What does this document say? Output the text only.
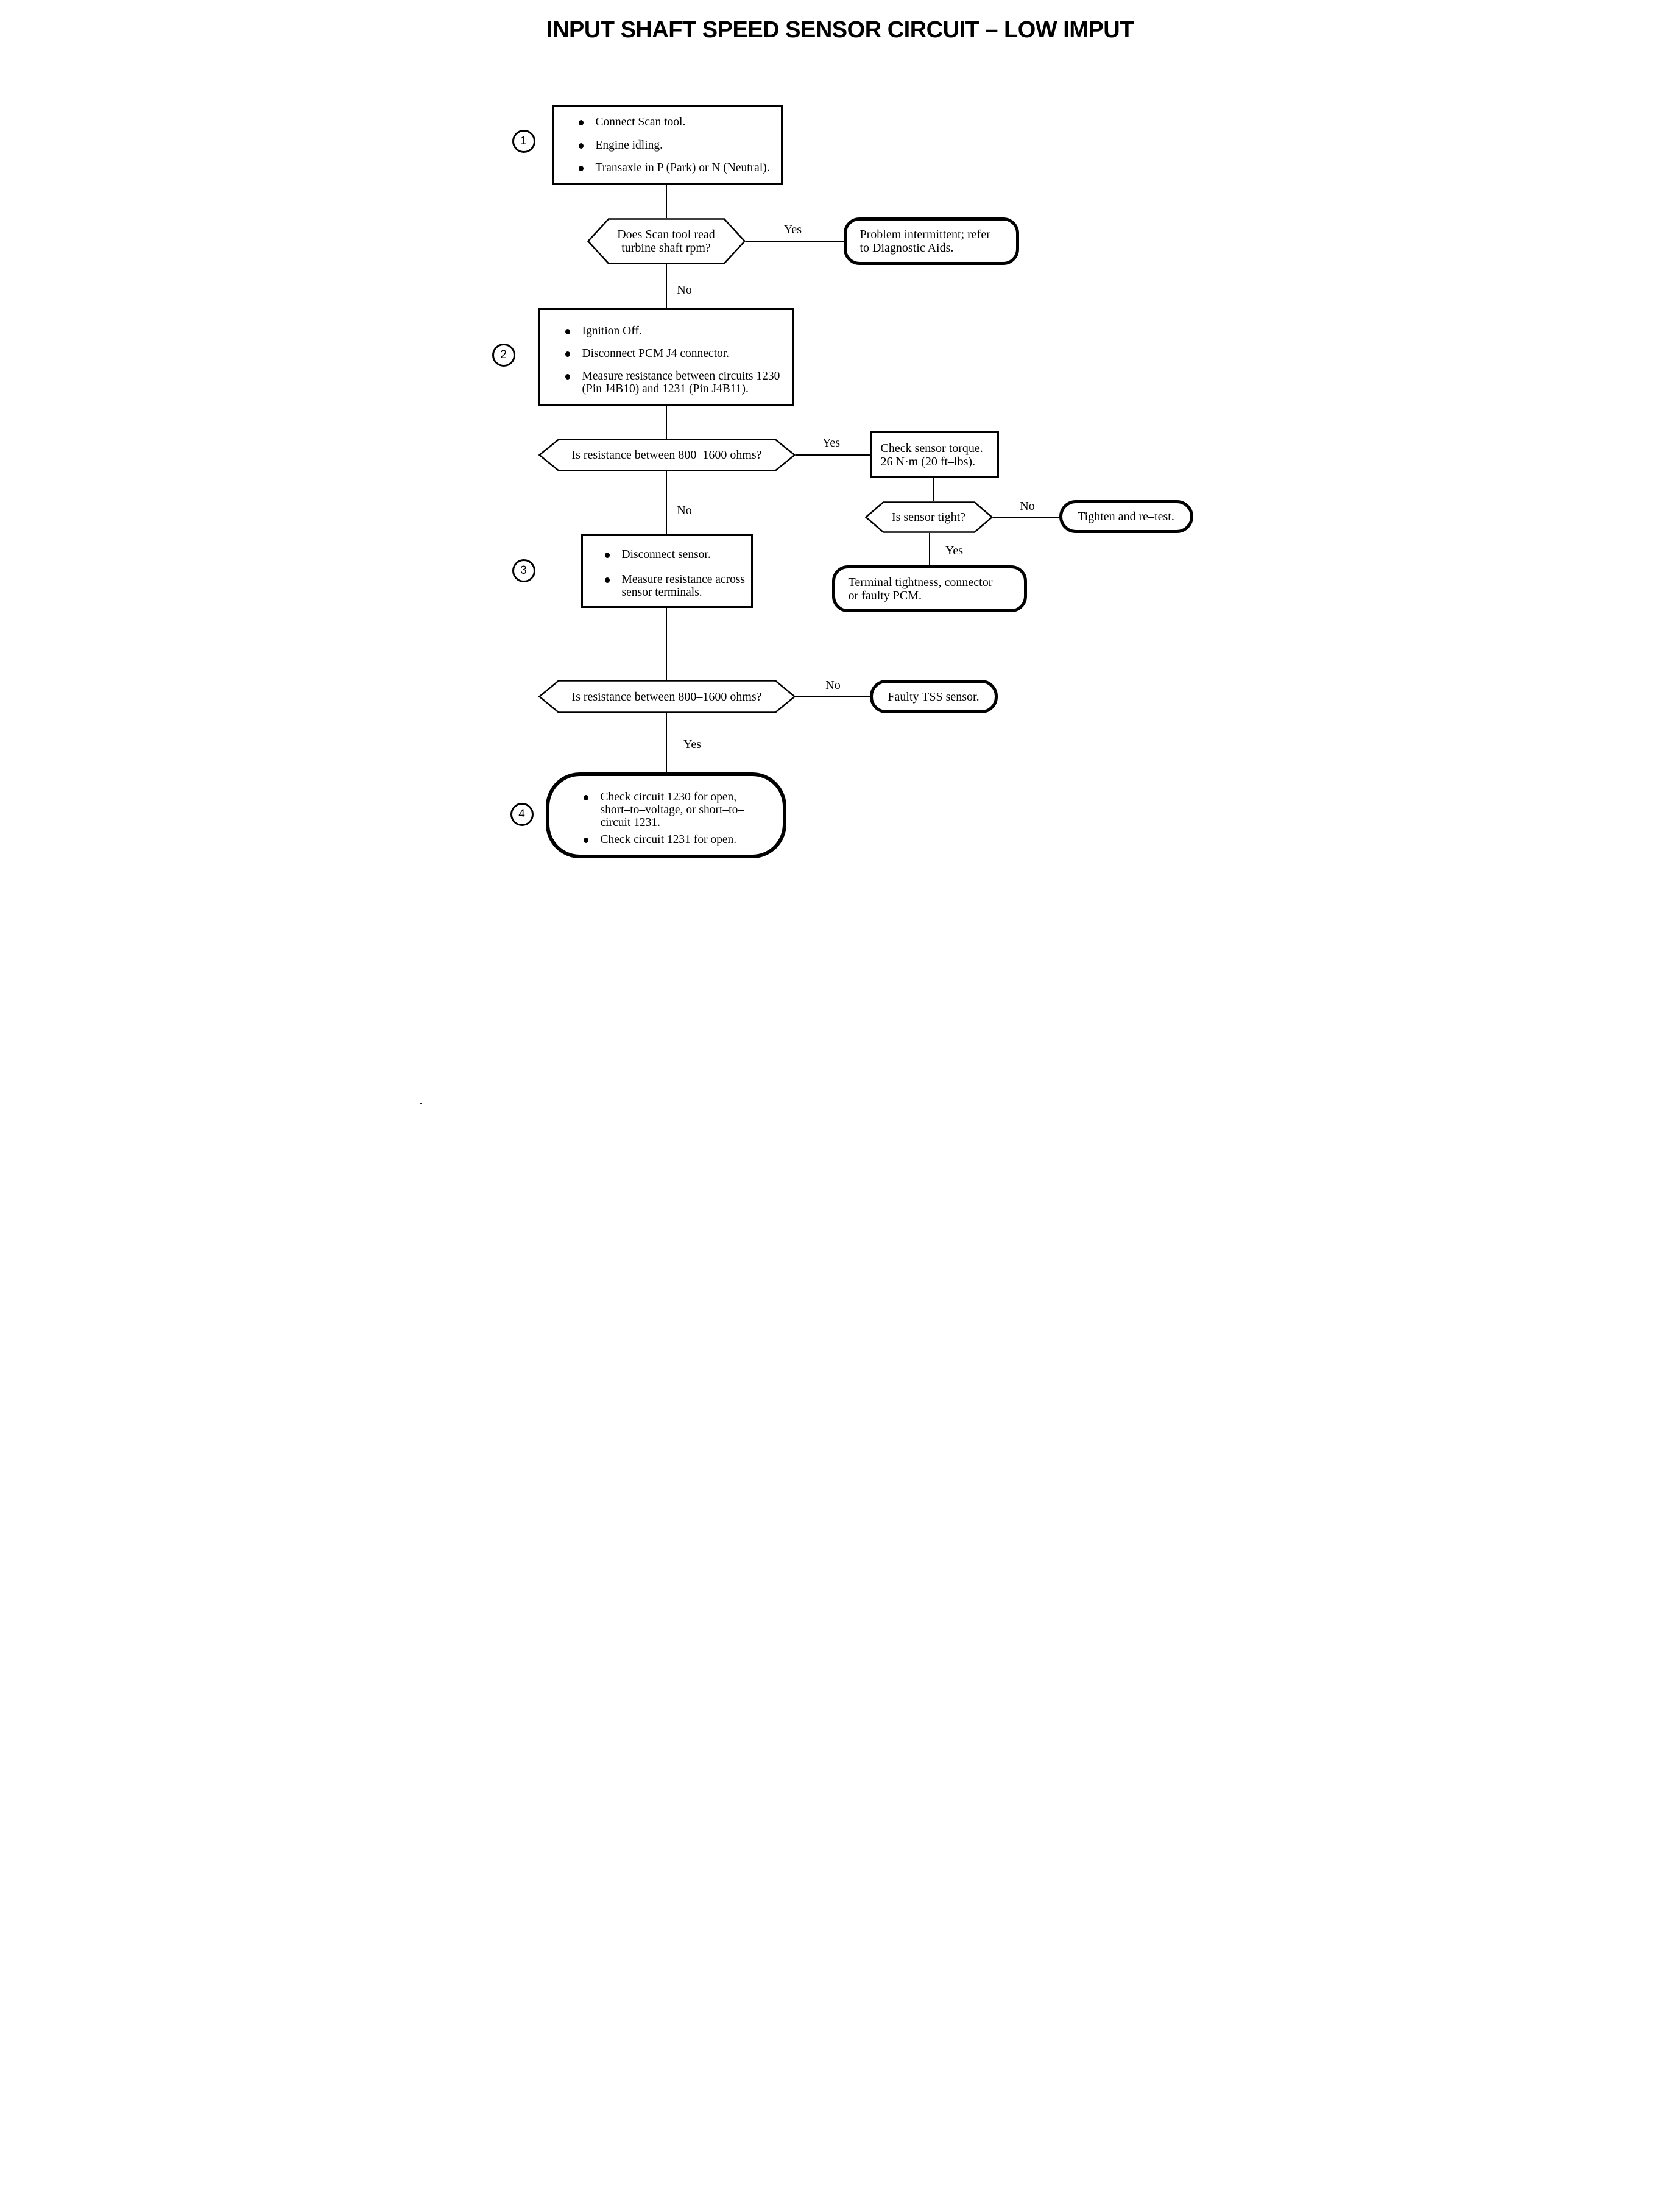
INPUT SHAFT SPEED SENSOR CIRCUIT – LOW IMPUT
1
Connect Scan tool.
Engine idling.
Transaxle in P (Park) or N (Neutral).
Does Scan tool read
turbine shaft rpm?
Yes	Problem intermittent; refer
to Diagnostic Aids.
No
2
Ignition Off.
Disconnect PCM J4 connector.
Measure resistance between circuits 1230
(Pin J4B10) and 1231 (Pin J4B11).
Is resistance between 800–1600 ohms?
Yes	Check sensor torque.
26 N·m (20 ft–lbs).
Is sensor tight?
No
Tighten and re–test.
Yes
Terminal tightness, connector
or faulty PCM.
No
3
Disconnect sensor.
Measure resistance across
sensor terminals.
Is resistance between 800–1600 ohms?
No
Faulty TSS sensor.
Yes
4
Check circuit 1230 for open,
short–to–voltage, or short–to–
circuit 1231.
Check circuit 1231 for open.
